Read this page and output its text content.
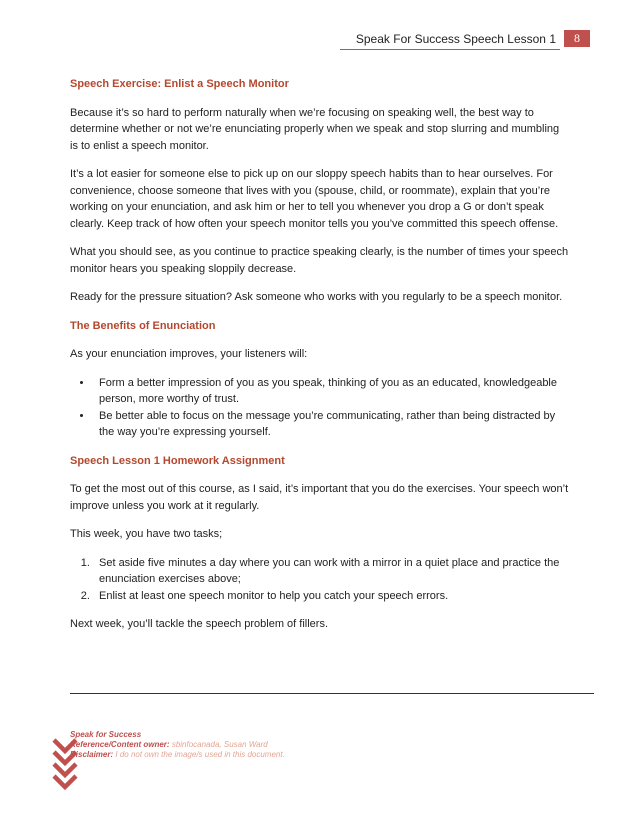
Speak For Success Speech Lesson 1	8
Speech Exercise: Enlist a Speech Monitor

Because it’s so hard to perform naturally when we’re focusing on speaking well, the best way to determine whether or not we’re enunciating properly when we speak and stop slurring and mumbling is to enlist a speech monitor.

It’s a lot easier for someone else to pick up on our sloppy speech habits than to hear ourselves. For convenience, choose someone that lives with you (spouse, child, or roommate), explain that you’re working on your enunciation, and ask him or her to tell you whenever you drop a G or don’t speak clearly. Keep track of how often your speech monitor tells you you’ve committed this speech offense.

What you should see, as you continue to practice speaking clearly, is the number of times your speech monitor hears you speaking sloppily decrease.

Ready for the pressure situation? Ask someone who works with you regularly to be a speech monitor.

The Benefits of Enunciation

As your enunciation improves, your listeners will:

• Form a better impression of you as you speak, thinking of you as an educated, knowledgeable person, more worthy of trust.
• Be better able to focus on the message you’re communicating, rather than being distracted by the way you’re expressing yourself.
Speech Lesson 1 Homework Assignment

To get the most out of this course, as I said, it’s important that you do the exercises. Your speech won’t improve unless you work at it regularly.

This week, you have two tasks;

1. Set aside five minutes a day where you can work with a mirror in a quiet place and practice the enunciation exercises above;
2. Enlist at least one speech monitor to help you catch your speech errors.

Next week, you’ll tackle the speech problem of fillers.

Speak for Success
Reference/Content owner: sbinfocanada, Susan Ward
Disclaimer: I do not own the image/s used in this document.
